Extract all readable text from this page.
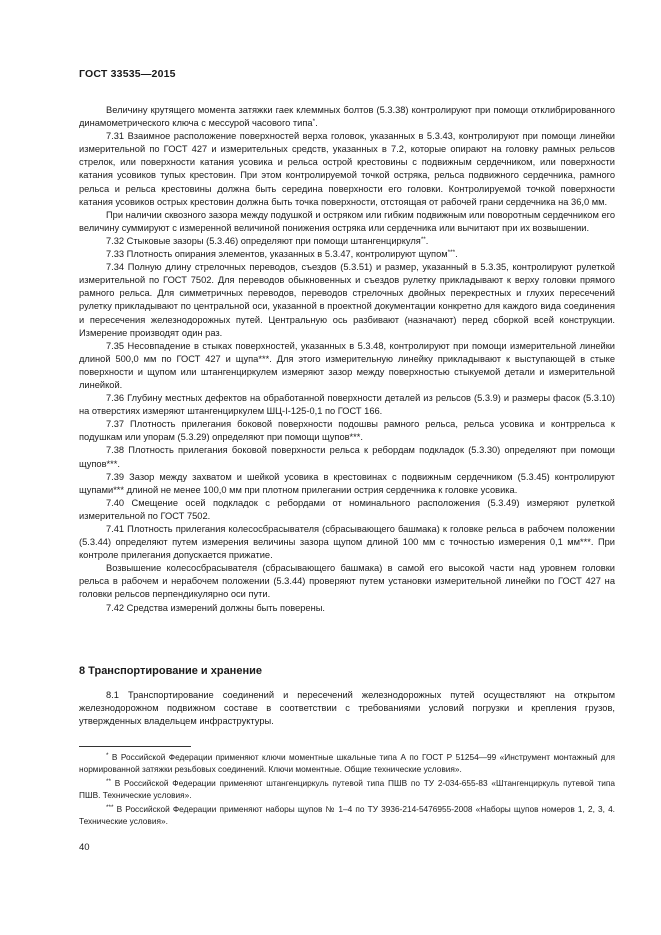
ГОСТ 33535—2015

Величину крутящего момента затяжки гаек клеммных болтов (5.3.38) контролируют при помощи отклибрированного динамометрического ключа с мессурой часового типа*.

7.31 Взаимное расположение поверхностей верха головок, указанных в 5.3.43, контролируют при помощи линейки измерительной по ГОСТ 427 и измерительных средств, указанных в 7.2, которые опирают на головку рамных рельсов стрелок, или поверхности катания усовика и рельса острой крестовины с подвижным сердечником, или поверхности катания усовиков тупых крестовин. При этом контролируемой точкой остряка, рельса подвижного сердечника, рамного рельса и рельса крестовины должна быть середина поверхности его головки. Контролируемой точкой поверхности катания усовиков острых крестовин должна быть точка поверхности, отстоящая от рабочей грани сердечника на 36,0 мм.

При наличии сквозного зазора между подушкой и остряком или гибким подвижным или поворотным сердечником его величину суммируют с измеренной величиной понижения остряка или сердечника или вычитают при их возвышении.

7.32 Стыковые зазоры (5.3.46) определяют при помощи штангенциркуля**.

7.33 Плотность опирания элементов, указанных в 5.3.47, контролируют щупом***.

7.34 Полную длину стрелочных переводов, съездов (5.3.51) и размер, указанный в 5.3.35, контролируют рулеткой измерительной по ГОСТ 7502. Для переводов обыкновенных и съездов рулетку прикладывают к верху головки прямого рамного рельса. Для симметричных переводов, переводов стрелочных двойных перекрестных и глухих пересечений рулетку прикладывают по центральной оси, указанной в проектной документации конкретно для каждого вида соединения и пересечения железнодорожных путей. Центральную ось разбивают (назначают) перед сборкой всей конструкции. Измерение производят один раз.

7.35 Несовпадение в стыках поверхностей, указанных в 5.3.48, контролируют при помощи измерительной линейки длиной 500,0 мм по ГОСТ 427 и щупа***. Для этого измерительную линейку прикладывают к выступающей в стыке поверхности и щупом или штангенциркулем измеряют зазор между поверхностью стыкуемой детали и измерительной линейкой.

7.36 Глубину местных дефектов на обработанной поверхности деталей из рельсов (5.3.9) и размеры фасок (5.3.10) на отверстиях измеряют штангенциркулем ШЦ-I-125-0,1 по ГОСТ 166.

7.37 Плотность прилегания боковой поверхности подошвы рамного рельса, рельса усовика и контррельса к подушкам или упорам (5.3.29) определяют при помощи щупов***.

7.38 Плотность прилегания боковой поверхности рельса к ребордам подкладок (5.3.30) определяют при помощи щупов***.

7.39 Зазор между захватом и шейкой усовика в крестовинах с подвижным сердечником (5.3.45) контролируют щупами*** длиной не менее 100,0 мм при плотном прилегании острия сердечника к головке усовика.

7.40 Смещение осей подкладок с ребордами от номинального расположения (5.3.49) измеряют рулеткой измерительной по ГОСТ 7502.

7.41 Плотность прилегания колесосбрасывателя (сбрасывающего башмака) к головке рельса в рабочем положении (5.3.44) определяют путем измерения величины зазора щупом длиной 100 мм с точностью измерения 0,1 мм***. При контроле прилегания допускается прижатие.

Возвышение колесосбрасывателя (сбрасывающего башмака) в самой его высокой части над уровнем головки рельса в рабочем и нерабочем положении (5.3.44) проверяют путем установки измерительной линейки по ГОСТ 427 на головки рельсов перпендикулярно оси пути.

7.42 Средства измерений должны быть поверены.

8 Транспортирование и хранение

8.1 Транспортирование соединений и пересечений железнодорожных путей осуществляют на открытом железнодорожном подвижном составе в соответствии с требованиями условий погрузки и крепления грузов, утвержденных владельцем инфраструктуры.

* В Российской Федерации применяют ключи моментные шкальные типа А по ГОСТ Р 51254—99 «Инструмент монтажный для нормированной затяжки резьбовых соединений. Ключи моментные. Общие технические условия».

** В Российской Федерации применяют штангенциркуль путевой типа ПШВ по ТУ 2-034-655-83 «Штангенциркуль путевой типа ПШВ. Технические условия».

*** В Российской Федерации применяют наборы щупов № 1–4 по ТУ 3936-214-5476955-2008 «Наборы щупов номеров 1, 2, 3, 4. Технические условия».

40
